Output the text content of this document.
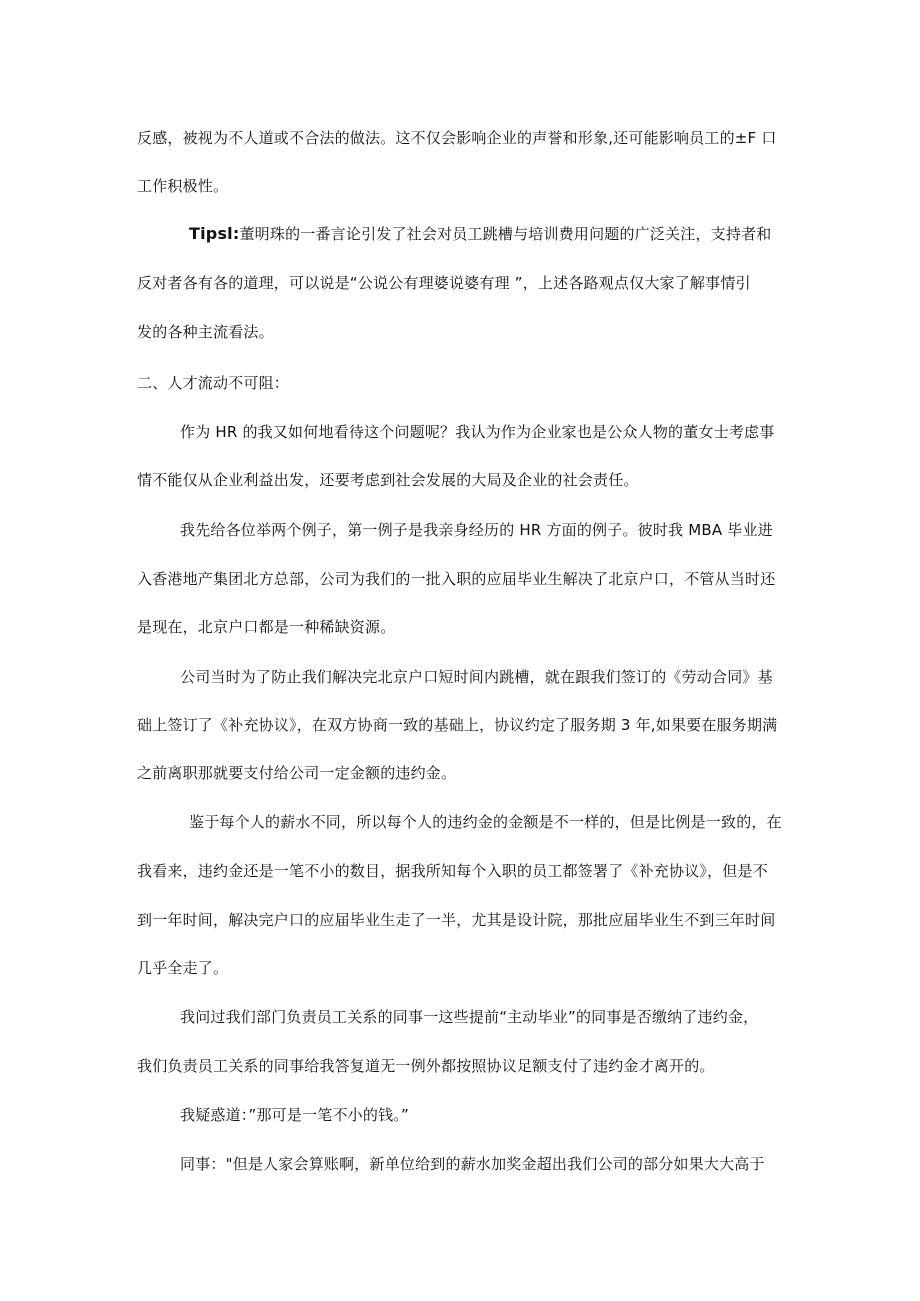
反感，被视为不人道或不合法的做法。这不仅会影响企业的声誉和形象,还可能影响员工的±F 口
工作积极性。
Tipsl:董明珠的一番言论引发了社会对员工跳槽与培训费用问题的广泛关注，支持者和
反对者各有各的道理，可以说是“公说公有理婆说婆有理 ”，上述各路观点仅大家了解事情引
发的各种主流看法。
二、人才流动不可阻：
作为 HR 的我又如何地看待这个问题呢？我认为作为企业家也是公众人物的董女士考虑事
情不能仅从企业利益出发，还要考虑到社会发展的大局及企业的社会责任。
我先给各位举两个例子，第一例子是我亲身经历的 HR 方面的例子。彼时我 MBA 毕业进
入香港地产集团北方总部，公司为我们的一批入职的应届毕业生解决了北京户口，不管从当时还
是现在，北京户口都是一种稀缺资源。
公司当时为了防止我们解决完北京户口短时间内跳槽，就在跟我们签订的《劳动合同》基
础上签订了《补充协议》，在双方协商一致的基础上，协议约定了服务期 3 年,如果要在服务期满
之前离职那就要支付给公司一定金额的违约金。
鉴于每个人的薪水不同，所以每个人的违约金的金额是不一样的，但是比例是一致的，在
我看来，违约金还是一笔不小的数目，据我所知每个入职的员工都签署了《补充协议》，但是不
到一年时间，解决完户口的应届毕业生走了一半，尤其是设计院，那批应届毕业生不到三年时间
几乎全走了。
我问过我们部门负责员工关系的同事一这些提前“主动毕业”的同事是否缴纳了违约金，
我们负责员工关系的同事给我答复道无一例外都按照协议足额支付了违约金才离开的。
我疑惑道：”那可是一笔不小的钱。”
同事："但是人家会算账啊，新单位给到的薪水加奖金超出我们公司的部分如果大大高于
